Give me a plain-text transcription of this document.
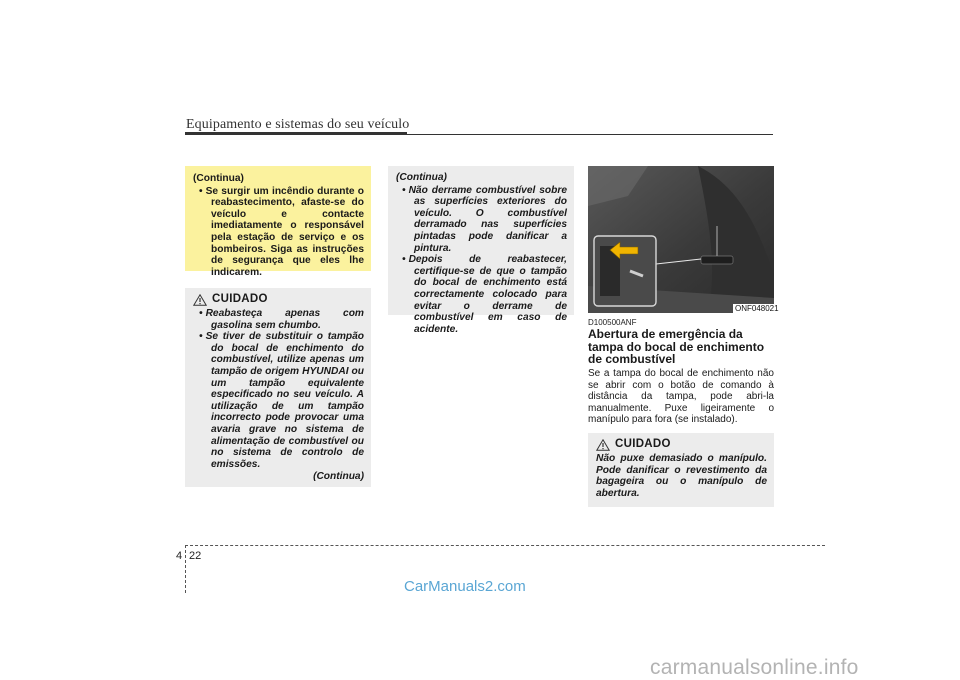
Equipamento e sistemas do seu veículo
(Continua)
• Se surgir um incêndio durante o reabastecimento, afaste-se do veículo e contacte imediatamente o responsável pela estação de serviço e os bombeiros. Siga as instruções de segurança que eles lhe indicarem.
CUIDADO
• Reabasteça apenas com gasolina sem chumbo.
• Se tiver de substituir o tampão do bocal de enchimento do combustível, utilize apenas um tampão de origem HYUNDAI ou um tampão equivalente especificado no seu veículo. A utilização de um tampão incorrecto pode provocar uma avaria grave no sistema de alimentação de combustível ou no sistema de controlo de emissões.
(Continua)
(Continua)
• Não derrame combustível sobre as superfícies exteriores do veículo. O combustível derramado nas superfícies pintadas pode danificar a pintura.
• Depois de reabastecer, certifique-se de que o tampão do bocal de enchimento está correctamente colocado para evitar o derrame de combustível em caso de acidente.
ONF048021
D100500ANF
Abertura de emergência da tampa do bocal de enchimento de combustível
Se a tampa do bocal de enchimento não se abrir com o botão de comando à distância da tampa, pode abri-la manualmente. Puxe ligeiramente o manípulo para fora (se instalado).
CUIDADO
Não puxe demasiado o manípulo. Pode danificar o revestimento da bagageira ou o manípulo de abertura.
4 22
CarManuals2.com
carmanualsonline.info
